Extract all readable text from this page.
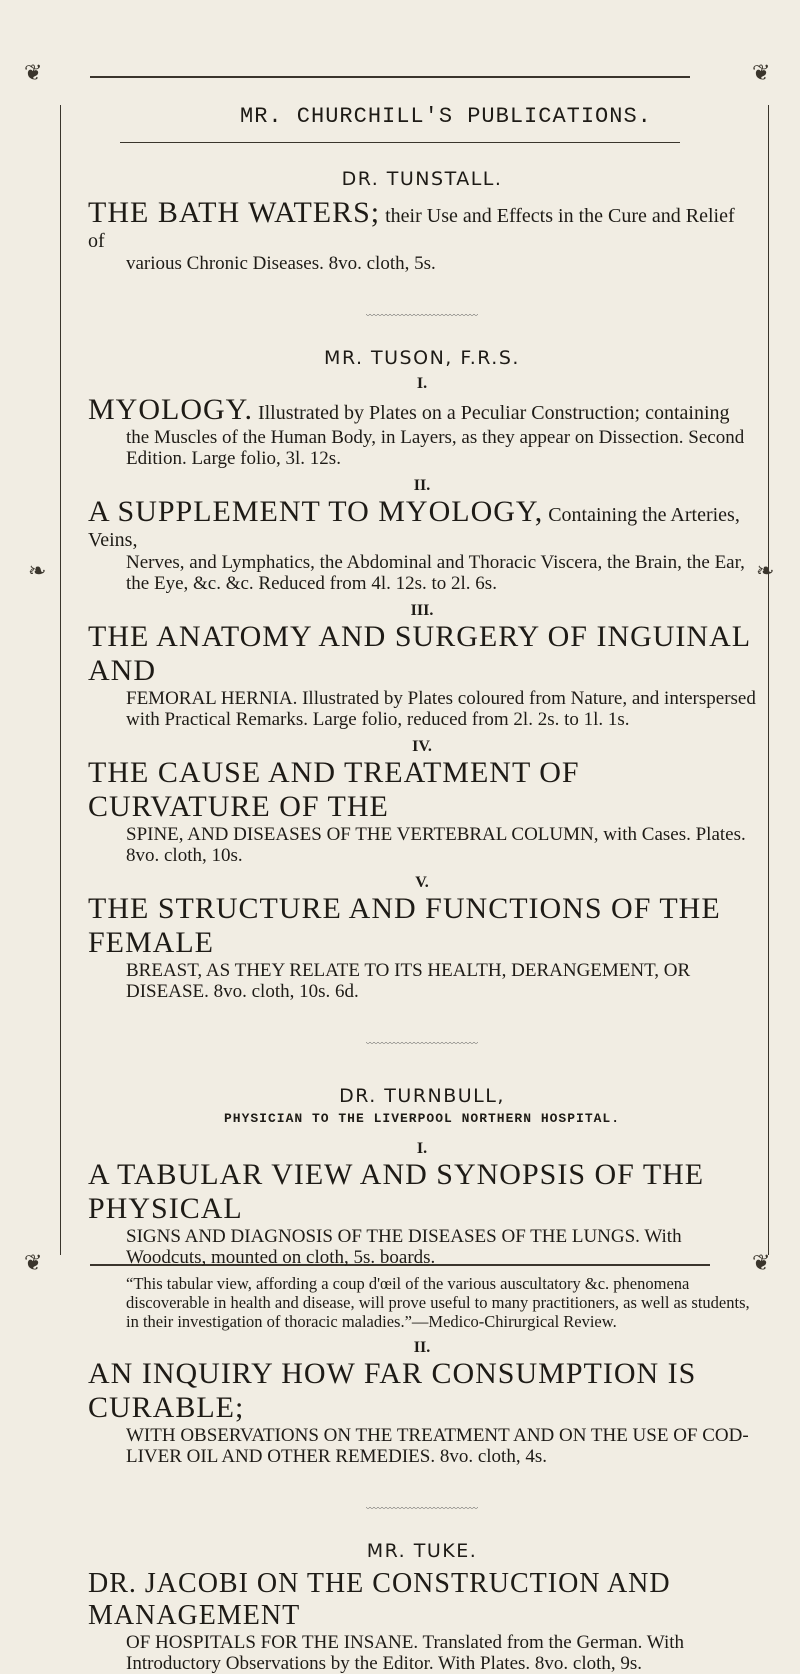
❦	❦
❦	❦
❧	❧
MR. CHURCHILL'S PUBLICATIONS.

DR. TUNSTALL.

THE BATH WATERS; their Use and Effects in the Cure and Relief of

various Chronic Diseases. 8vo. cloth, 5s.

〰〰〰〰〰〰〰〰〰〰〰〰〰〰

MR. TUSON, F.R.S.

I.

MYOLOGY. Illustrated by Plates on a Peculiar Construction; containing

the Muscles of the Human Body, in Layers, as they appear on Dissection. Second Edition. Large folio, 3l. 12s.

II.

A SUPPLEMENT TO MYOLOGY, Containing the Arteries, Veins,

Nerves, and Lymphatics, the Abdominal and Thoracic Viscera, the Brain, the Ear, the Eye, &c. &c. Reduced from 4l. 12s. to 2l. 6s.

III.

THE ANATOMY AND SURGERY OF INGUINAL AND

FEMORAL HERNIA. Illustrated by Plates coloured from Nature, and interspersed with Practical Remarks. Large folio, reduced from 2l. 2s. to 1l. 1s.

IV.

THE CAUSE AND TREATMENT OF CURVATURE OF THE

SPINE, AND DISEASES OF THE VERTEBRAL COLUMN, with Cases. Plates. 8vo. cloth, 10s.

V.

THE STRUCTURE AND FUNCTIONS OF THE FEMALE

BREAST, AS THEY RELATE TO ITS HEALTH, DERANGEMENT, OR DISEASE. 8vo. cloth, 10s. 6d.

〰〰〰〰〰〰〰〰〰〰〰〰〰〰

DR. TURNBULL,

PHYSICIAN TO THE LIVERPOOL NORTHERN HOSPITAL.

I.

A TABULAR VIEW AND SYNOPSIS OF THE PHYSICAL

SIGNS AND DIAGNOSIS OF THE DISEASES OF THE LUNGS. With Woodcuts, mounted on cloth, 5s. boards.

“This tabular view, affording a coup d'œil of the various auscultatory &c. phenomena discoverable in health and disease, will prove useful to many practitioners, as well as students, in their investigation of thoracic maladies.”—Medico-Chirurgical Review.

II.

AN INQUIRY HOW FAR CONSUMPTION IS CURABLE;

WITH OBSERVATIONS ON THE TREATMENT AND ON THE USE OF COD-LIVER OIL AND OTHER REMEDIES. 8vo. cloth, 4s.

〰〰〰〰〰〰〰〰〰〰〰〰〰〰

MR. TUKE.

DR. JACOBI ON THE CONSTRUCTION AND MANAGEMENT

OF HOSPITALS FOR THE INSANE. Translated from the German. With Introductory Observations by the Editor. With Plates. 8vo. cloth, 9s.
